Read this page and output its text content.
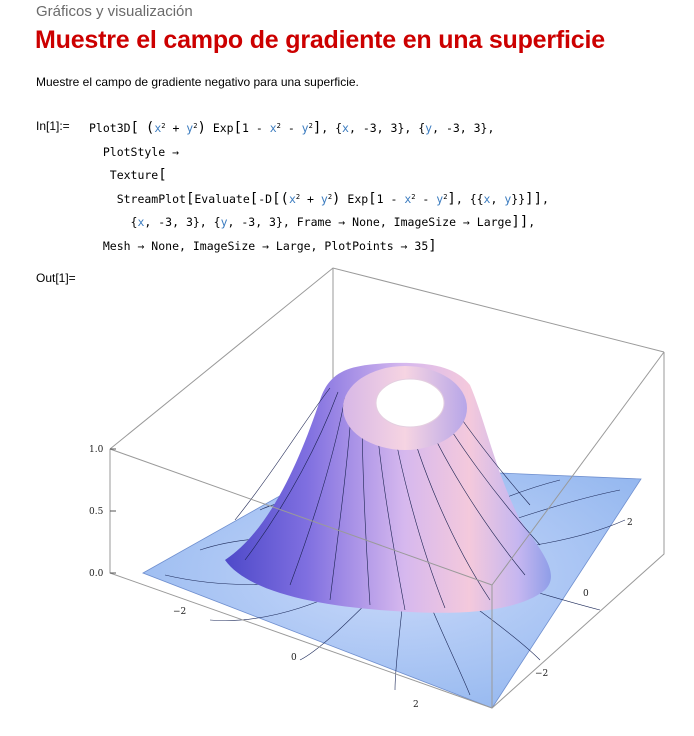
Gráficos y visualización
Muestre el campo de gradiente en una superficie
Muestre el campo de gradiente negativo para una superficie.
In[1]:= Plot3D[ $(x^2 + y^2)$ $Exp[1 - x^2 - y^2]$, {x, -3, 3}, {y, -3, 3},
PlotStyle →
Texture[
$StreamPlot[Evaluate[-D[(x^2 + y^2)$ $Exp[1 - x^2 - y^2]$, {{x, y}}]],
{x, -3, 3}, {y, -3, 3}, Frame → None, ImageSize → Large]],
Mesh → None, ImageSize → Large, PlotPoints → 35]
Out[1]=
1.0
0.5
0.0
−2
0
2
2
0
−2
